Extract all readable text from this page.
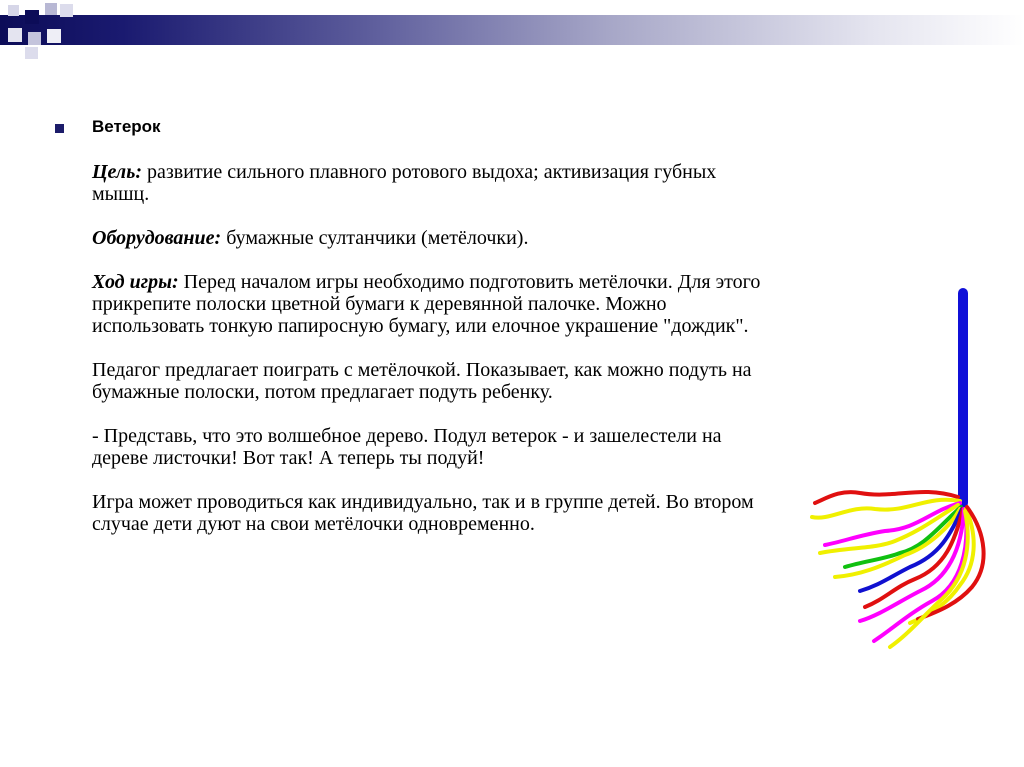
Ветерок

Цель: развитие сильного плавного ротового выдоха; активизация губных мышц.

Оборудование: бумажные султанчики (метёлочки).

Ход игры: Перед началом игры необходимо подготовить метёлочки. Для этого прикрепите полоски цветной бумаги к деревянной палочке. Можно использовать тонкую папиросную бумагу, или елочное украшение "дождик".

Педагог предлагает поиграть с метёлочкой. Показывает, как можно подуть на бумажные полоски, потом предлагает подуть ребенку.

- Представь, что это волшебное дерево. Подул ветерок - и зашелестели на дереве листочки! Вот так! А теперь ты подуй!

Игра может проводиться как индивидуально, так и в группе детей. Во втором случае дети дуют на свои метёлочки одновременно.
